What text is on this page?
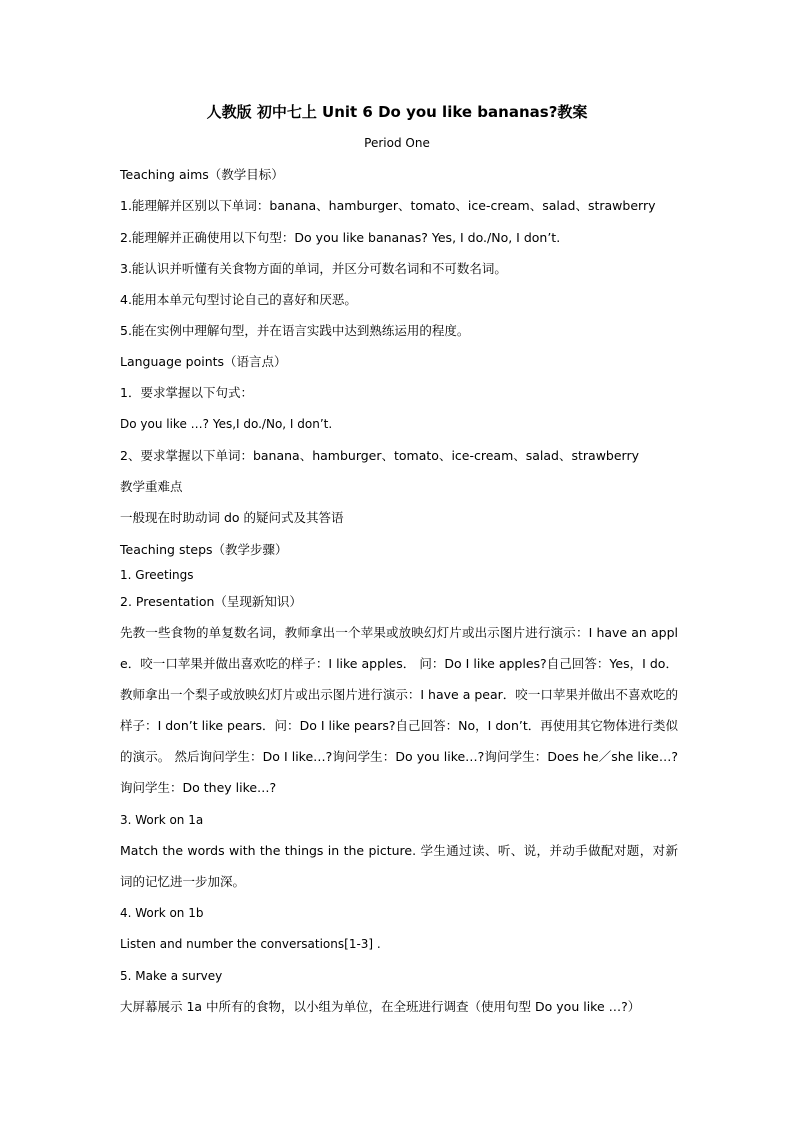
人教版 初中七上 Unit 6 Do you like bananas?教案
Period One
Teaching aims（教学目标）
1.能理解并区别以下单词：banana、hamburger、tomato、ice-cream、salad、strawberry
2.能理解并正确使用以下句型：Do you like bananas? Yes, I do./No, I don’t.
3.能认识并听懂有关食物方面的单词，并区分可数名词和不可数名词。
4.能用本单元句型讨论自己的喜好和厌恶。
5.能在实例中理解句型，并在语言实践中达到熟练运用的程度。
Language points（语言点）
1．要求掌握以下句式：
Do you like …? Yes,I do./No, I don’t.
2、要求掌握以下单词：banana、hamburger、tomato、ice-cream、salad、strawberry
教学重难点
一般现在时助动词 do 的疑问式及其答语
Teaching steps（教学步骤）
1. Greetings
2. Presentation（呈现新知识）
先教一些食物的单复数名词，教师拿出一个苹果或放映幻灯片或出示图片进行演示：I have an apple．咬一口苹果并做出喜欢吃的样子：I like apples． 问：Do I like apples?自己回答：Yes，I do．教师拿出一个梨子或放映幻灯片或出示图片进行演示：I have a pear．咬一口苹果并做出不喜欢吃的样子：I don’t like pears．问：Do I like pears?自己回答：No，I don’t．再使用其它物体进行类似的演示。 然后询问学生：Do I like…?询问学生：Do you like…?询问学生：Does he／she like…?询问学生：Do they like…?
3. Work on 1a
Match the words with the things in the picture. 学生通过读、听、说，并动手做配对题，对新词的记忆进一步加深。
4. Work on 1b
Listen and number the conversations[1-3] .
5. Make a survey
大屏幕展示 1a 中所有的食物，以小组为单位，在全班进行调查（使用句型 Do you like …?）
